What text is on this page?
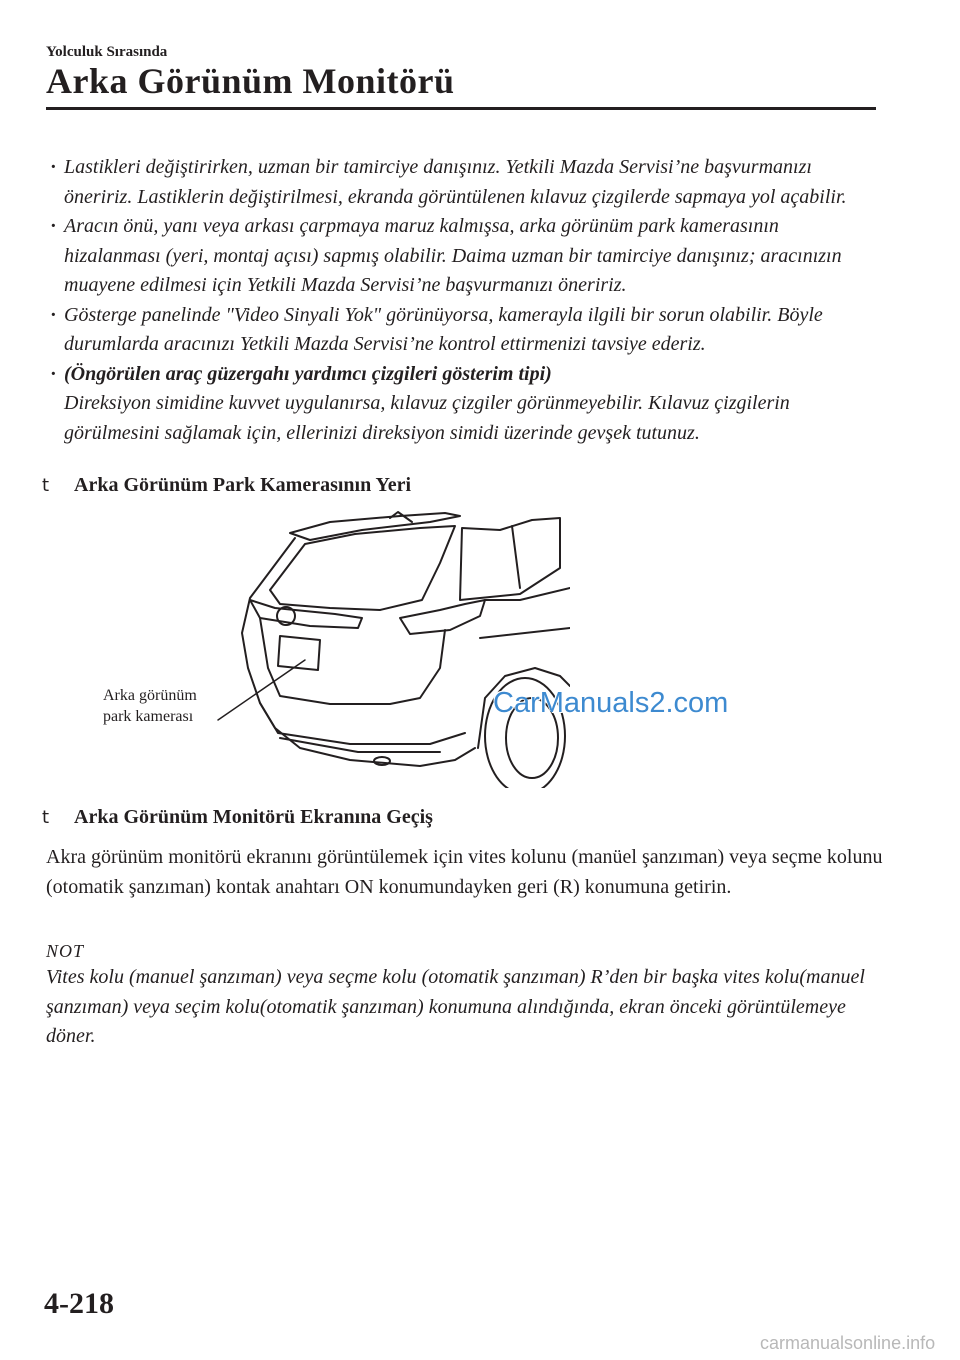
Yolculuk Sırasında
Arka Görünüm Monitörü
· Lastikleri değiştirirken, uzman bir tamirciye danışınız. Yetkili Mazda Servisi’ne başvurmanızı öneririz. Lastiklerin değiştirilmesi, ekranda görüntülenen kılavuz çizgilerde sapmaya yol açabilir.
· Aracın önü, yanı veya arkası çarpmaya maruz kalmışsa, arka görünüm park kamerasının hizalanması (yeri, montaj açısı) sapmış olabilir. Daima uzman bir tamirciye danışınız; aracınızın muayene edilmesi için Yetkili Mazda Servisi’ne başvurmanızı öneririz.
· Gösterge panelinde "Video Sinyali Yok" görünüyorsa, kamerayla ilgili bir sorun olabilir. Böyle durumlarda aracınızı Yetkili Mazda Servisi’ne kontrol ettirmenizi tavsiye ederiz.
· (Öngörülen araç güzergahı yardımcı çizgileri gösterim tipi)
Direksiyon simidine kuvvet uygulanırsa, kılavuz çizgiler görünmeyebilir. Kılavuz çizgilerin görülmesini sağlamak için, ellerinizi direksiyon simidi üzerinde gevşek tutunuz.
t	Arka Görünüm Park Kamerasının Yeri
Arka görünüm
park kamerası	CarManuals2.com
t	Arka Görünüm Monitörü Ekranına Geçiş
Akra görünüm monitörü ekranını görüntülemek için vites kolunu (manüel şanzıman) veya seçme kolunu (otomatik şanzıman) kontak anahtarı ON konumundayken geri (R) konumuna getirin.
NOT
Vites kolu (manuel şanzıman) veya seçme kolu (otomatik şanzıman) R’den bir başka vites kolu(manuel şanzıman) veya seçim kolu(otomatik şanzıman) konumuna alındığında, ekran önceki görüntülemeye döner.
4-218
carmanualsonline.info
